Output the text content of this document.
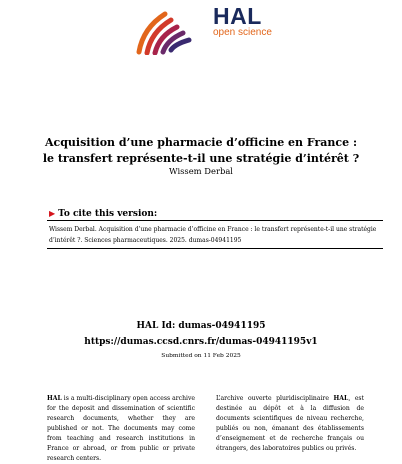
HAL
open science
Acquisition d’une pharmacie d’officine en France : le transfert représente-t-il une stratégie d’intérêt ?
Wissem Derbal
▶ To cite this version:
Wissem Derbal. Acquisition d’une pharmacie d’officine en France : le transfert représente-t-il une stratégie d’intérêt ?. Sciences pharmaceutiques. 2025. dumas-04941195
HAL Id: dumas-04941195
https://dumas.ccsd.cnrs.fr/dumas-04941195v1
Submitted on 11 Feb 2025
HAL is a multi-disciplinary open access archive for the deposit and dissemination of scientific research documents, whether they are published or not. The documents may come from teaching and research institutions in France or abroad, or from public or private research centers.
L’archive ouverte pluridisciplinaire HAL, est destinée au dépôt et à la diffusion de documents scientifiques de niveau recherche, publiés ou non, émanant des établissements d’enseignement et de recherche français ou étrangers, des laboratoires publics ou privés.
